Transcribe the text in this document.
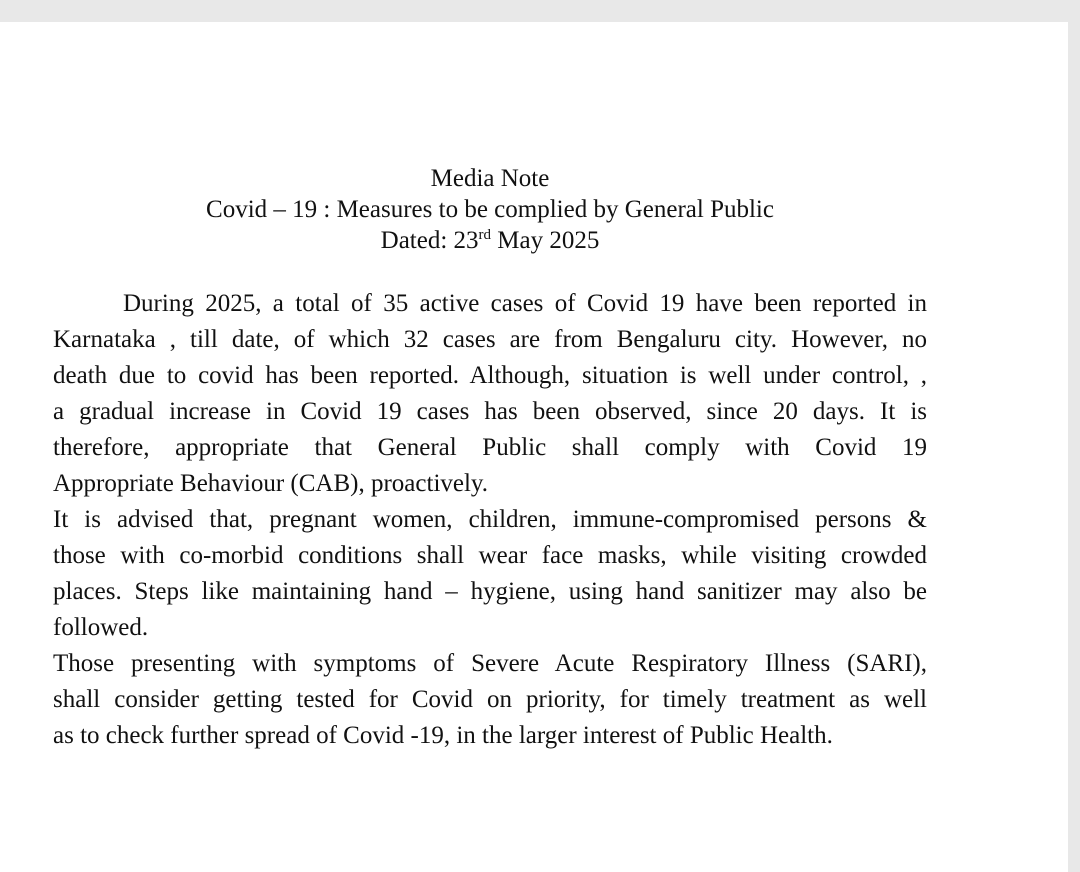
Media Note
Covid – 19 : Measures to be complied by General Public
Dated: 23rd May 2025
During 2025, a total of 35 active cases of Covid 19 have been reported in
Karnataka , till date, of which 32 cases are from Bengaluru city. However, no
death due to covid has been reported. Although, situation is well under control, ,
a gradual increase in Covid 19 cases has been observed, since 20 days. It is
therefore, appropriate that General Public shall comply with Covid 19
Appropriate Behaviour (CAB), proactively.
It is advised that, pregnant women, children, immune-compromised persons &
those with co-morbid conditions shall wear face masks, while visiting crowded
places. Steps like maintaining hand – hygiene, using hand sanitizer may also be
followed.
Those presenting with symptoms of Severe Acute Respiratory Illness (SARI),
shall consider getting tested for Covid on priority, for timely treatment as well
as to check further spread of Covid -19, in the larger interest of Public Health.
